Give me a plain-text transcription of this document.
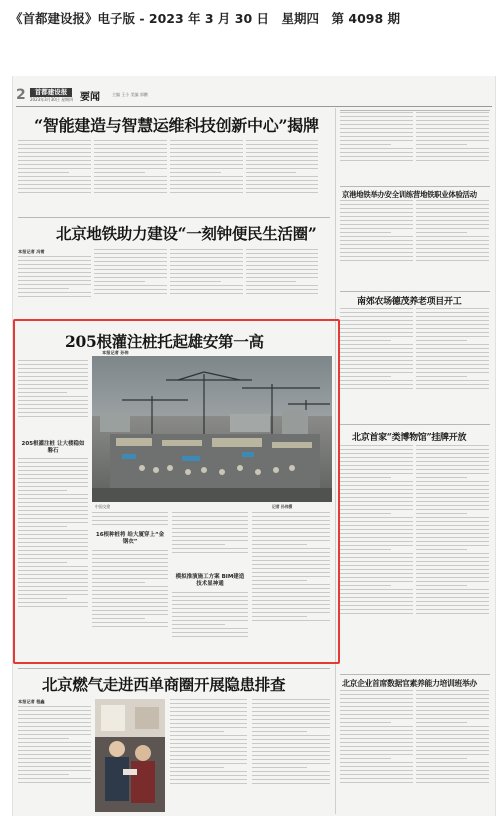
《首都建设报》电子版 - 2023 年 3 月 30 日　星期四　第 4098 期
2	首都建设报
2023年3月30日 星期四 要闻	主编 王小 美编 郭鹏
“智能建造与智慧运维科技创新中心”揭牌
北京地铁助力建设“一刻钟便民生活圈”
本报记者 冯雪
京港地铁举办安全训练营地铁职业体验活动
南郊农场德茂养老项目开工
北京首家“类博物馆”挂牌开放
北京企业首席数据官素养能力培训班举办
205根灌注桩托起雄安第一高
本报记者 孙伟
205根灌注桩 让大楼稳如磐石
中国交建	记者 孙伟摄
16根种桩将 给大厦穿上“金钢衣”
模拟推演施工方案 BIM建造技术显神通
北京燃气走进西单商圈开展隐患排查
本报记者 程鑫
